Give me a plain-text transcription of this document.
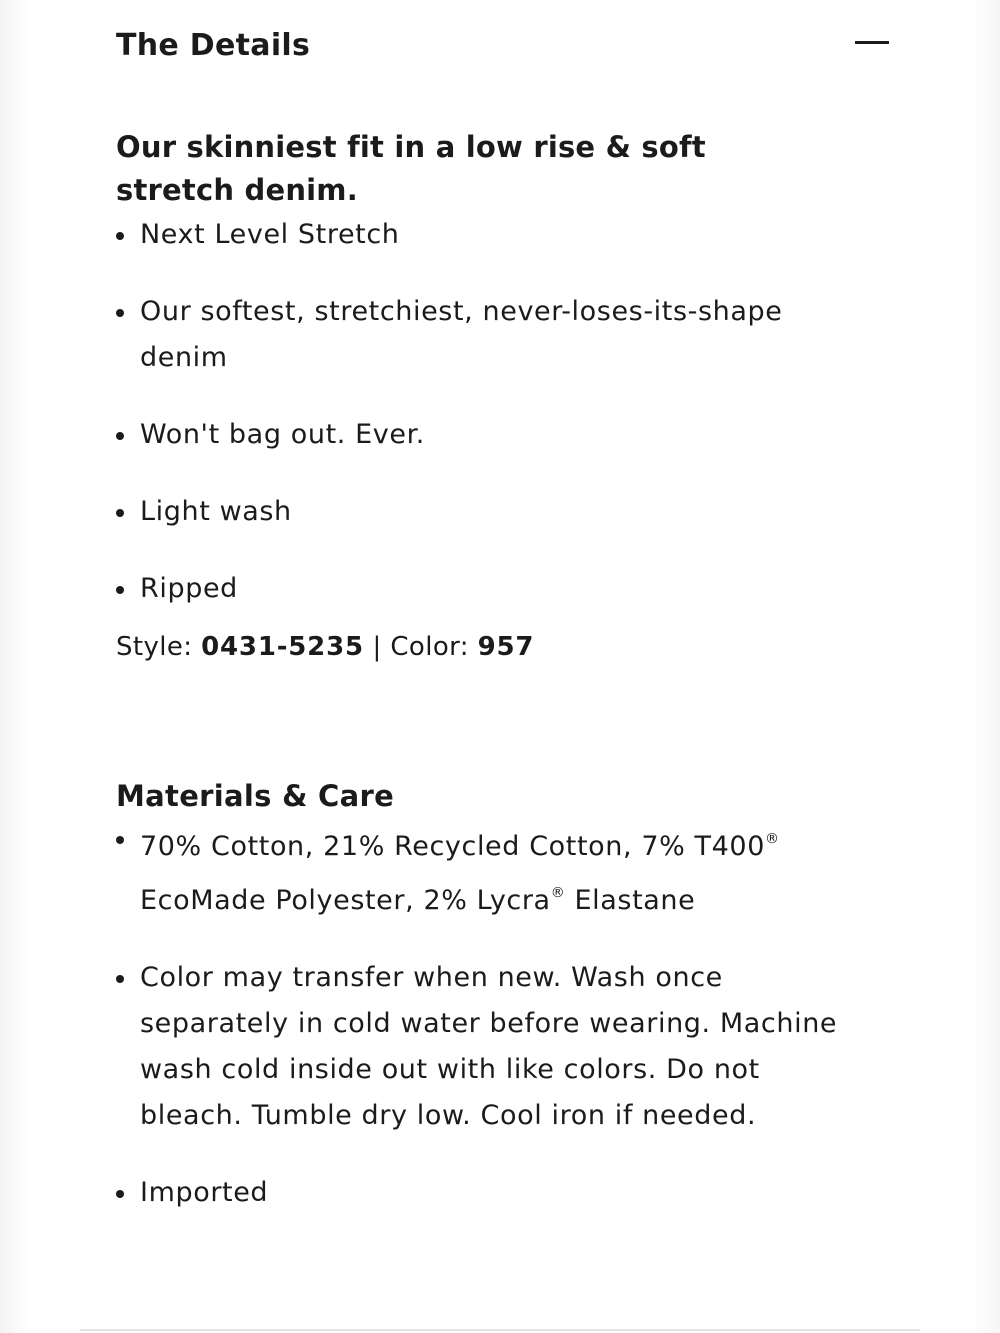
The Details

Our skinniest fit in a low rise & soft stretch denim.

Next Level Stretch
Our softest, stretchiest, never-loses-its-shape denim
Won't bag out. Ever.
Light wash
Ripped
Style: 0431-5235 | Color: 957
Materials & Care
70% Cotton, 21% Recycled Cotton, 7% T400® EcoMade Polyester, 2% Lycra® Elastane
Color may transfer when new. Wash once separately in cold water before wearing. Machine wash cold inside out with like colors. Do not bleach. Tumble dry low. Cool iron if needed.
Imported
